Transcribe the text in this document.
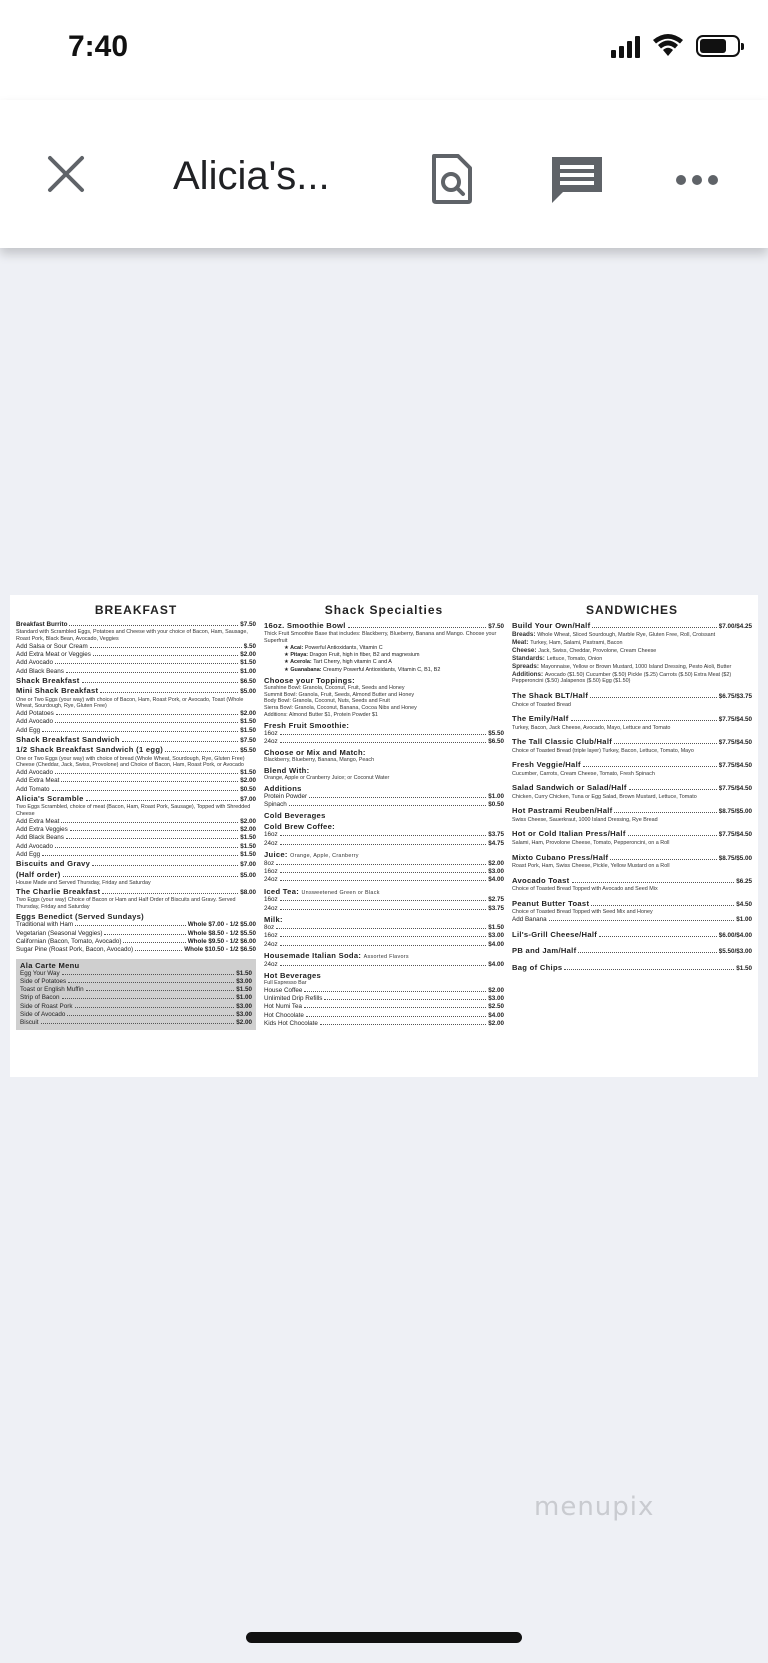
7:40
Alicia's...
BREAKFAST
Breakfast Burrito	$7.50
Standard with Scrambled Eggs, Potatoes and Cheese with your choice of Bacon, Ham, Sausage, Roast Pork, Black Bean, Avocado, Veggies
Add Salsa or Sour Cream	$.50
Add Extra Meat or Veggies	$2.00
Add Avocado	$1.50
Add Black Beans	$1.00
Shack Breakfast	$6.50
Mini Shack Breakfast	$5.00
One or Two Eggs (your way) with choice of Bacon, Ham, Roast Pork, or Avocado, Toast (Whole Wheat, Sourdough, Rye, Gluten Free)
Add Potatoes	$2.00
Add Avocado	$1.50
Add Egg	$1.50
Shack Breakfast Sandwich	$7.50
1/2 Shack Breakfast Sandwich (1 egg)	$5.50
One or Two Eggs (your way) with choice of bread (Whole Wheat, Sourdough, Rye, Gluten Free) Cheese (Cheddar, Jack, Swiss, Provolone) and Choice of Bacon, Ham, Roast Pork, or Avocado
Add Avocado	$1.50
Add Extra Meat	$2.00
Add Tomato	$0.50
Alicia's Scramble	$7.00
Two Eggs Scrambled, choice of meat (Bacon, Ham, Roast Pork, Sausage), Topped with Shredded Cheese
Add Extra Meat	$2.00
Add Extra Veggies	$2.00
Add Black Beans	$1.50
Add Avocado	$1.50
Add Egg	$1.50
Biscuits and Gravy	$7.00
(Half order)	$5.00
House Made and Served Thursday, Friday and Saturday
The Charlie Breakfast	$8.00
Two Eggs (your way) Choice of Bacon or Ham and Half Order of Biscuits and Gravy. Served Thursday, Friday and Saturday
Eggs Benedict (Served Sundays)
Traditional with Ham	Whole $7.00 - 1/2 $5.00
Vegetarian (Seasonal Veggies)	Whole $8.50 - 1/2 $5.50
Californian (Bacon, Tomato, Avocado)	Whole $9.50 - 1/2 $6.00
Sugar Pine (Roast Pork, Bacon, Avocado)	Whole $10.50 - 1/2 $6.50
Ala Carte Menu
Egg Your Way	$1.50
Side of Potatoes	$3.00
Toast or English Muffin	$1.50
Strip of Bacon	$1.00
Side of Roast Pork	$3.00
Side of Avocado	$3.00
Biscuit	$2.00
Shack Specialties
16oz. Smoothie Bowl	$7.50
Thick Fruit Smoothie Base that includes: Blackberry, Blueberry, Banana and Mango. Choose your Superfruit
★ Acai: Powerful Antioxidants, Vitamin C
★ Pitaya: Dragon Fruit, high in fiber, B2 and magnesium
★ Acerola: Tart Cherry, high vitamin C and A
★ Guanabana: Creamy Powerful Antioxidants, Vitamin C, B1, B2
Choose your Toppings:
Sunshine Bowl: Granola, Coconut, Fruit, Seeds and Honey
Summit Bowl: Granola, Fruit, Seeds, Almond Butter and Honey
Body Bowl: Granola, Coconut, Nuts, Seeds and Fruit
Sierra Bowl: Granola, Coconut, Banana, Cocoa Nibs and Honey
Additions: Almond Butter $1, Protein Powder $1
Fresh Fruit Smoothie:
16oz	$5.50
24oz	$6.50
Choose or Mix and Match:
Blackberry, Blueberry, Banana, Mango, Peach
Blend With:
Orange, Apple or Cranberry Juice; or Coconut Water
Additions
Protein Powder	$1.00
Spinach	$0.50
Cold Beverages
Cold Brew Coffee:
16oz	$3.75
24oz	$4.75
Juice: Orange, Apple, Cranberry
8oz	$2.00
16oz	$3.00
24oz	$4.00
Iced Tea: Unsweetened Green or Black
16oz	$2.75
24oz	$3.75
Milk:
8oz	$1.50
16oz	$3.00
24oz	$4.00
Housemade Italian Soda: Assorted Flavors
24oz	$4.00
Hot Beverages
Full Espresso Bar
House Coffee	$2.00
Unlimited Drip Refills	$3.00
Hot Numi Tea	$2.50
Hot Chocolate	$4.00
Kids Hot Chocolate	$2.00
SANDWICHES
Build Your Own/Half	$7.00/$4.25
Breads: Whole Wheat, Sliced Sourdough, Marble Rye, Gluten Free, Roll, Croissant
Meat: Turkey, Ham, Salami, Pastrami, Bacon
Cheese: Jack, Swiss, Cheddar, Provolone, Cream Cheese
Standards: Lettuce, Tomato, Onion
Spreads: Mayonnaise, Yellow or Brown Mustard, 1000 Island Dressing, Pesto Aioli, Butter
Additions: Avocado ($1.50) Cucumber ($.50) Pickle ($.25) Carrots ($.50) Extra Meat ($2) Pepperoncini ($.50) Jalapenos ($.50) Egg ($1.50)
The Shack BLT/Half	$6.75/$3.75
Choice of Toasted Bread
The Emily/Half	$7.75/$4.50
Turkey, Bacon, Jack Cheese, Avocado, Mayo, Lettuce and Tomato
The Tall Classic Club/Half	$7.75/$4.50
Choice of Toasted Bread (triple layer) Turkey, Bacon, Lettuce, Tomato, Mayo
Fresh Veggie/Half	$7.75/$4.50
Cucumber, Carrots, Cream Cheese, Tomato, Fresh Spinach
Salad Sandwich or Salad/Half	$7.75/$4.50
Chicken, Curry Chicken, Tuna or Egg Salad, Brown Mustard, Lettuce, Tomato
Hot Pastrami Reuben/Half	$8.75/$5.00
Swiss Cheese, Sauerkraut, 1000 Island Dressing, Rye Bread
Hot or Cold Italian Press/Half	$7.75/$4.50
Salami, Ham, Provolone Cheese, Tomato, Pepperoncini, on a Roll
Mixto Cubano Press/Half	$8.75/$5.00
Roast Pork, Ham, Swiss Cheese, Pickle, Yellow Mustard on a Roll
Avocado Toast	$6.25
Choice of Toasted Bread Topped with Avocado and Seed Mix
Peanut Butter Toast	$4.50
Choice of Toasted Bread Topped with Seed Mix and Honey
Add Banana	$1.00
Lil's-Grill Cheese/Half	$6.00/$4.00
PB and Jam/Half	$5.50/$3.00
Bag of Chips	$1.50
menupix
